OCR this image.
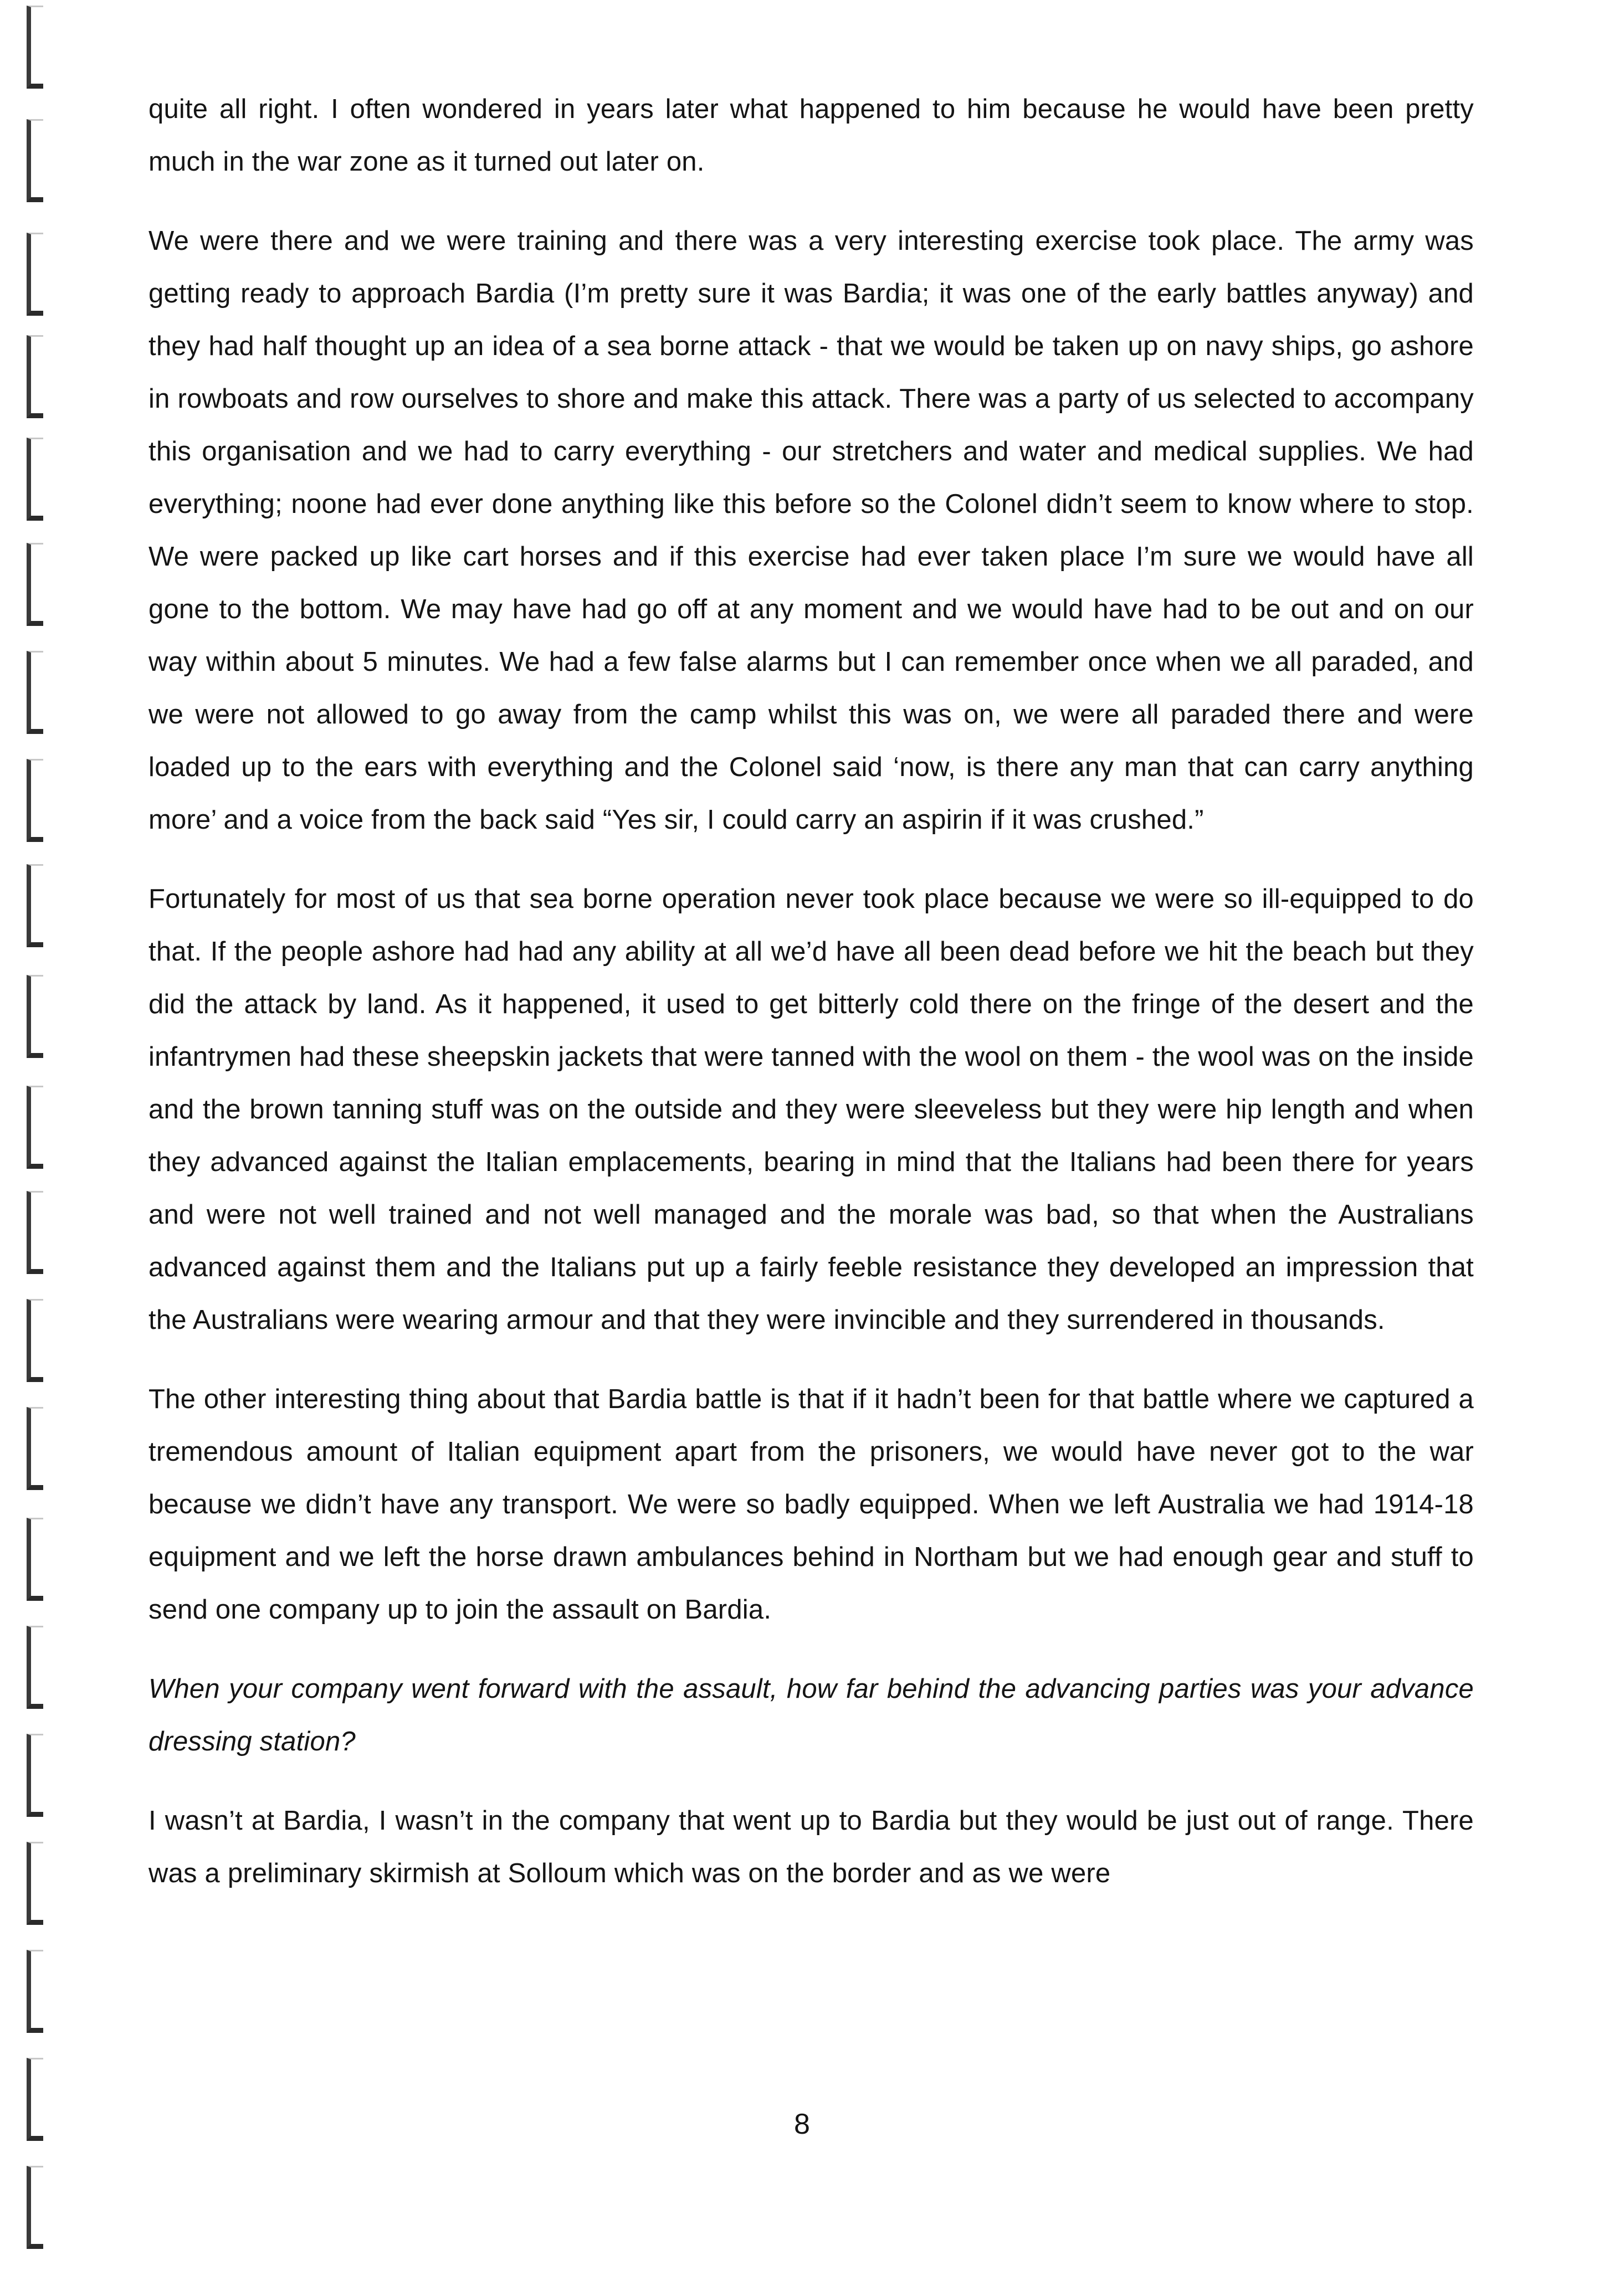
quite all right. I often wondered in years later what happened to him because he would have been pretty much in the war zone as it turned out later on.

We were there and we were training and there was a very interesting exercise took place. The army was getting ready to approach Bardia (I’m pretty sure it was Bardia; it was one of the early battles anyway) and they had half thought up an idea of a sea borne attack - that we would be taken up on navy ships, go ashore in rowboats and row ourselves to shore and make this attack. There was a party of us selected to accompany this organisation and we had to carry everything - our stretchers and water and medical supplies. We had everything; noone had ever done anything like this before so the Colonel didn’t seem to know where to stop. We were packed up like cart horses and if this exercise had ever taken place I’m sure we would have all gone to the bottom. We may have had go off at any moment and we would have had to be out and on our way within about 5 minutes. We had a few false alarms but I can remember once when we all paraded, and we were not allowed to go away from the camp whilst this was on, we were all paraded there and were loaded up to the ears with everything and the Colonel said ‘now, is there any man that can carry anything more’ and a voice from the back said “Yes sir, I could carry an aspirin if it was crushed.”

Fortunately for most of us that sea borne operation never took place because we were so ill-equipped to do that. If the people ashore had had any ability at all we’d have all been dead before we hit the beach but they did the attack by land. As it happened, it used to get bitterly cold there on the fringe of the desert and the infantrymen had these sheepskin jackets that were tanned with the wool on them - the wool was on the inside and the brown tanning stuff was on the outside and they were sleeveless but they were hip length and when they advanced against the Italian emplacements, bearing in mind that the Italians had been there for years and were not well trained and not well managed and the morale was bad, so that when the Australians advanced against them and the Italians put up a fairly feeble resistance they developed an impression that the Australians were wearing armour and that they were invincible and they surrendered in thousands.

The other interesting thing about that Bardia battle is that if it hadn’t been for that battle where we captured a tremendous amount of Italian equipment apart from the prisoners, we would have never got to the war because we didn’t have any transport. We were so badly equipped. When we left Australia we had 1914-18 equipment and we left the horse drawn ambulances behind in Northam but we had enough gear and stuff to send one company up to join the assault on Bardia.

When your company went forward with the assault, how far behind the advancing parties was your advance dressing station?

I wasn’t at Bardia, I wasn’t in the company that went up to Bardia but they would be just out of range. There was a preliminary skirmish at Solloum which was on the border and as we were

8
